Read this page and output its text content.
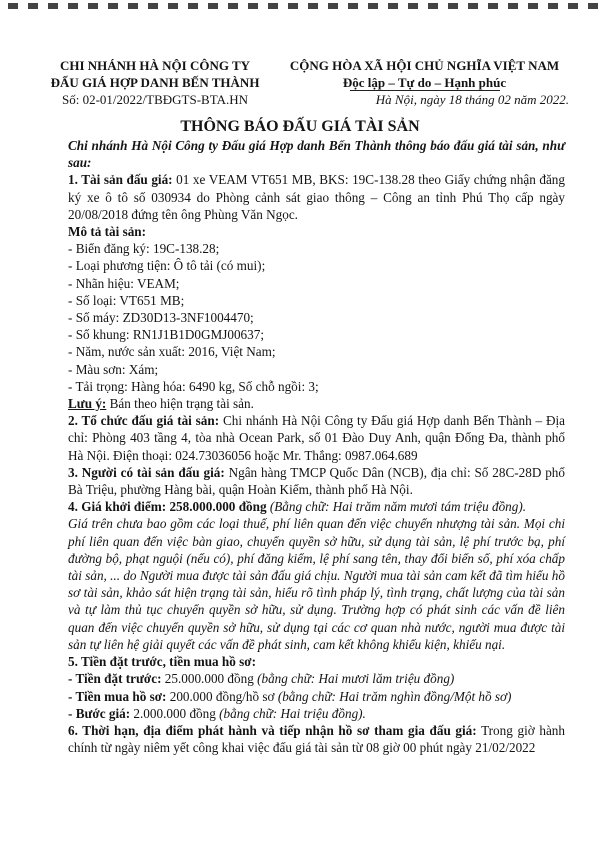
CHI NHÁNH HÀ NỘI CÔNG TY
ĐẤU GIÁ HỢP DANH BẾN THÀNH
Số: 02-01/2022/TBĐGTS-BTA.HN
CỘNG HÒA XÃ HỘI CHỦ NGHĨA VIỆT NAM
Độc lập – Tự do – Hạnh phúc
Hà Nội, ngày 18 tháng 02 năm 2022.
THÔNG BÁO ĐẤU GIÁ TÀI SẢN

Chi nhánh Hà Nội Công ty Đấu giá Hợp danh Bến Thành thông báo đấu giá tài sản, như sau:

1. Tài sản đấu giá: 01 xe VEAM VT651 MB, BKS: 19C-138.28 theo Giấy chứng nhận đăng ký xe ô tô số 030934 do Phòng cảnh sát giao thông – Công an tỉnh Phú Thọ cấp ngày 20/08/2018 đứng tên ông Phùng Văn Ngọc.

Mô tả tài sản:

- Biển đăng ký: 19C-138.28;
- Loại phương tiện: Ô tô tải (có mui);
- Nhãn hiệu: VEAM;
- Số loại: VT651 MB;
- Số máy: ZD30D13-3NF1004470;
- Số khung: RN1J1B1D0GMJ00637;
- Năm, nước sản xuất: 2016, Việt Nam;
- Màu sơn: Xám;
- Tải trọng: Hàng hóa: 6490 kg, Số chỗ ngồi: 3;

Lưu ý: Bán theo hiện trạng tài sản.

2. Tổ chức đấu giá tài sản: Chi nhánh Hà Nội Công ty Đấu giá Hợp danh Bến Thành – Địa chỉ: Phòng 403 tầng 4, tòa nhà Ocean Park, số 01 Đào Duy Anh, quận Đống Đa, thành phố Hà Nội. Điện thoại: 024.73036056 hoặc Mr. Thắng: 0987.064.689

3. Người có tài sản đấu giá: Ngân hàng TMCP Quốc Dân (NCB), địa chỉ: Số 28C-28D phố Bà Triệu, phường Hàng bài, quận Hoàn Kiếm, thành phố Hà Nội.

4. Giá khởi điểm: 258.000.000 đồng (Bằng chữ: Hai trăm năm mươi tám triệu đồng).

Giá trên chưa bao gồm các loại thuế, phí liên quan đến việc chuyển nhượng tài sản. Mọi chi phí liên quan đến việc bàn giao, chuyển quyền sở hữu, sử dụng tài sản, lệ phí trước bạ, phí đường bộ, phạt nguội (nếu có), phí đăng kiểm, lệ phí sang tên, thay đổi biển số, phí xóa chấp tài sản, ... do Người mua được tài sản đấu giá chịu. Người mua tài sản cam kết đã tìm hiểu hồ sơ tài sản, khảo sát hiện trạng tài sản, hiểu rõ tình pháp lý, tình trạng, chất lượng của tài sản và tự làm thủ tục chuyển quyền sở hữu, sử dụng. Trường hợp có phát sinh các vấn đề liên quan đến việc chuyển quyền sở hữu, sử dụng tại các cơ quan nhà nước, người mua được tài sản tự liên hệ giải quyết các vấn đề phát sinh, cam kết không khiếu kiện, khiếu nại.

5. Tiền đặt trước, tiền mua hồ sơ:

- Tiền đặt trước: 25.000.000 đồng (bằng chữ: Hai mươi lăm triệu đồng)
- Tiền mua hồ sơ: 200.000 đồng/hồ sơ (bằng chữ: Hai trăm nghìn đồng/Một hồ sơ)
- Bước giá: 2.000.000 đồng (bằng chữ: Hai triệu đồng).

6. Thời hạn, địa điểm phát hành và tiếp nhận hồ sơ tham gia đấu giá: Trong giờ hành chính từ ngày niêm yết công khai việc đấu giá tài sản từ 08 giờ 00 phút ngày 21/02/2022
